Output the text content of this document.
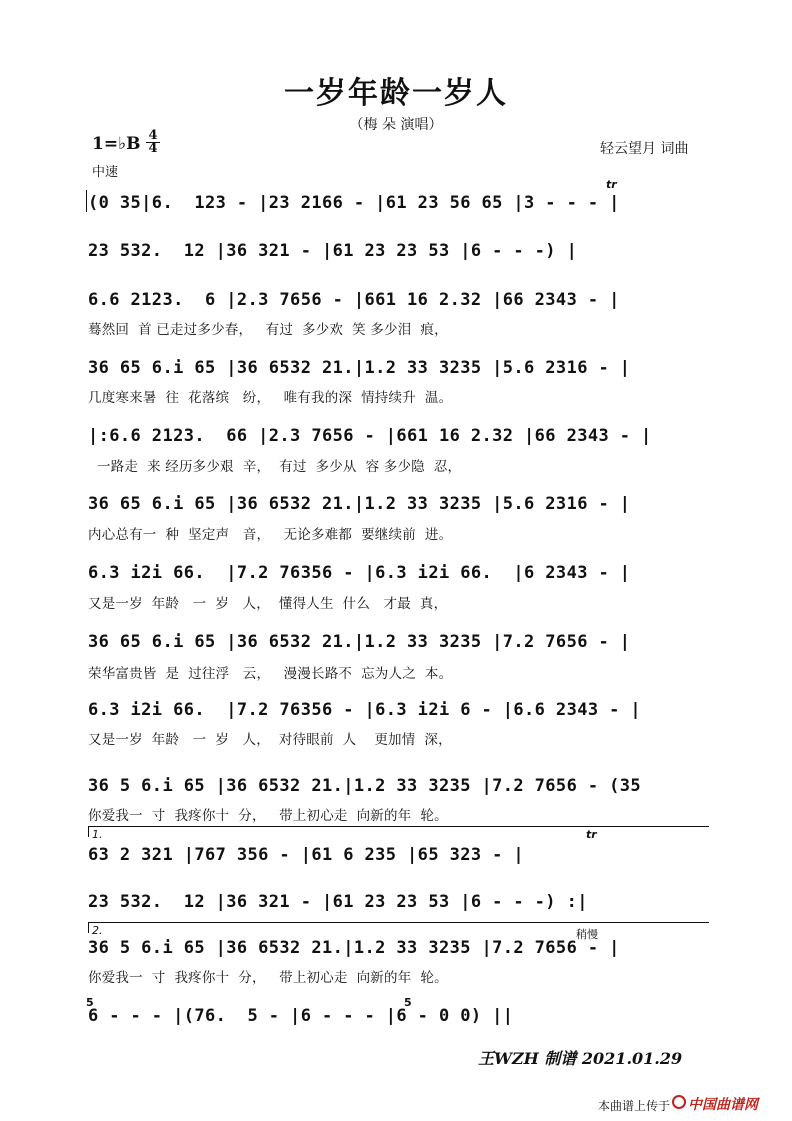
一岁年龄一岁人
（梅 朵 演唱）
1=♭B 4
4	轻云望月 词曲
中速
(0 35|6.  123 - |23 2166 - |61 23 56 65 |3 - - - |
tr
23 532.  12 |36 321 - |61 23 23 53 |6 - - -) |
6.6 2123.  6 |2.3 7656 - |661 16 2.32 |66 2343 - |
蓦然回  首 已走过多少春，   有过  多少欢  笑 多少泪  痕，
36 65 6.i 65 |36 6532 21.|1.2 33 3235 |5.6 2316 - |
几度寒来暑  往  花落缤   纷，   唯有我的深  情持续升  温。
|:6.6 2123.  66 |2.3 7656 - |661 16 2.32 |66 2343 - |
一路走  来 经历多少艰  辛，  有过  多少从  容 多少隐  忍，
36 65 6.i 65 |36 6532 21.|1.2 33 3235 |5.6 2316 - |
内心总有一  种  坚定声   音，   无论多难都  要继续前  进。
6.3 i2i 66.  |7.2 76356 - |6.3 i2i 66.  |6 2343 - |
又是一岁  年龄   一  岁   人，  懂得人生  什么   才最  真，
36 65 6.i 65 |36 6532 21.|1.2 33 3235 |7.2 7656 - |
荣华富贵皆  是  过往浮   云，   漫漫长路不  忘为人之  本。
6.3 i2i 66.  |7.2 76356 - |6.3 i2i 6 - |6.6 2343 - |
又是一岁  年龄   一  岁   人，  对待眼前  人    更加情  深，
36 5 6.i 65 |36 6532 21.|1.2 33 3235 |7.2 7656 - (35
你爱我一  寸  我疼你十  分，   带上初心走  向新的年  轮。
1.	tr
63 2 321 |767 356 - |61 6 235 |65 323 - |
23 532.  12 |36 321 - |61 23 23 53 |6 - - -) :|
2.	稍慢
36 5 6.i 65 |36 6532 21.|1.2 33 3235 |7.2 7656 - |
你爱我一  寸  我疼你十  分，   带上初心走  向新的年  轮。
5	5
6 - - - |(76.  5 - |6 - - - |6 - 0 0) ||
王WZH 制谱 2021.01.29
本曲谱上传于 中国曲谱网
